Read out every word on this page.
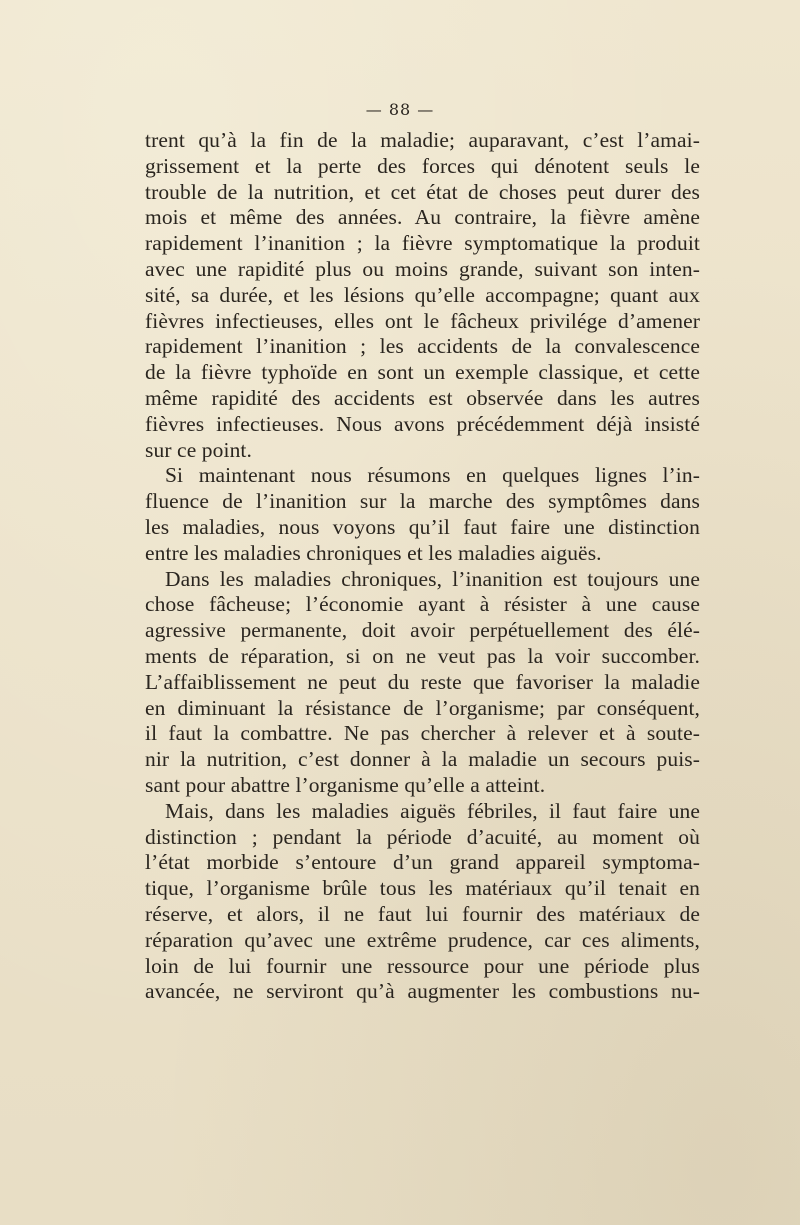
— 88 —
trent qu’à la fin de la maladie; auparavant, c’est l’amai-
grissement et la perte des forces qui dénotent seuls le
trouble de la nutrition, et cet état de choses peut durer des
mois et même des années. Au contraire, la fièvre amène
rapidement l’inanition ; la fièvre symptomatique la produit
avec une rapidité plus ou moins grande, suivant son inten-
sité, sa durée, et les lésions qu’elle accompagne; quant aux
fièvres infectieuses, elles ont le fâcheux privilége d’amener
rapidement l’inanition ; les accidents de la convalescence
de la fièvre typhoïde en sont un exemple classique, et cette
même rapidité des accidents est observée dans les autres
fièvres infectieuses. Nous avons précédemment déjà insisté
sur ce point.
Si maintenant nous résumons en quelques lignes l’in-
fluence de l’inanition sur la marche des symptômes dans
les maladies, nous voyons qu’il faut faire une distinction
entre les maladies chroniques et les maladies aiguës.
Dans les maladies chroniques, l’inanition est toujours une
chose fâcheuse; l’économie ayant à résister à une cause
agressive permanente, doit avoir perpétuellement des élé-
ments de réparation, si on ne veut pas la voir succomber.
L’affaiblissement ne peut du reste que favoriser la maladie
en diminuant la résistance de l’organisme; par conséquent,
il faut la combattre. Ne pas chercher à relever et à soute-
nir la nutrition, c’est donner à la maladie un secours puis-
sant pour abattre l’organisme qu’elle a atteint.
Mais, dans les maladies aiguës fébriles, il faut faire une
distinction ; pendant la période d’acuité, au moment où
l’état morbide s’entoure d’un grand appareil symptoma-
tique, l’organisme brûle tous les matériaux qu’il tenait en
réserve, et alors, il ne faut lui fournir des matériaux de
réparation qu’avec une extrême prudence, car ces aliments,
loin de lui fournir une ressource pour une période plus
avancée, ne serviront qu’à augmenter les combustions nu-
